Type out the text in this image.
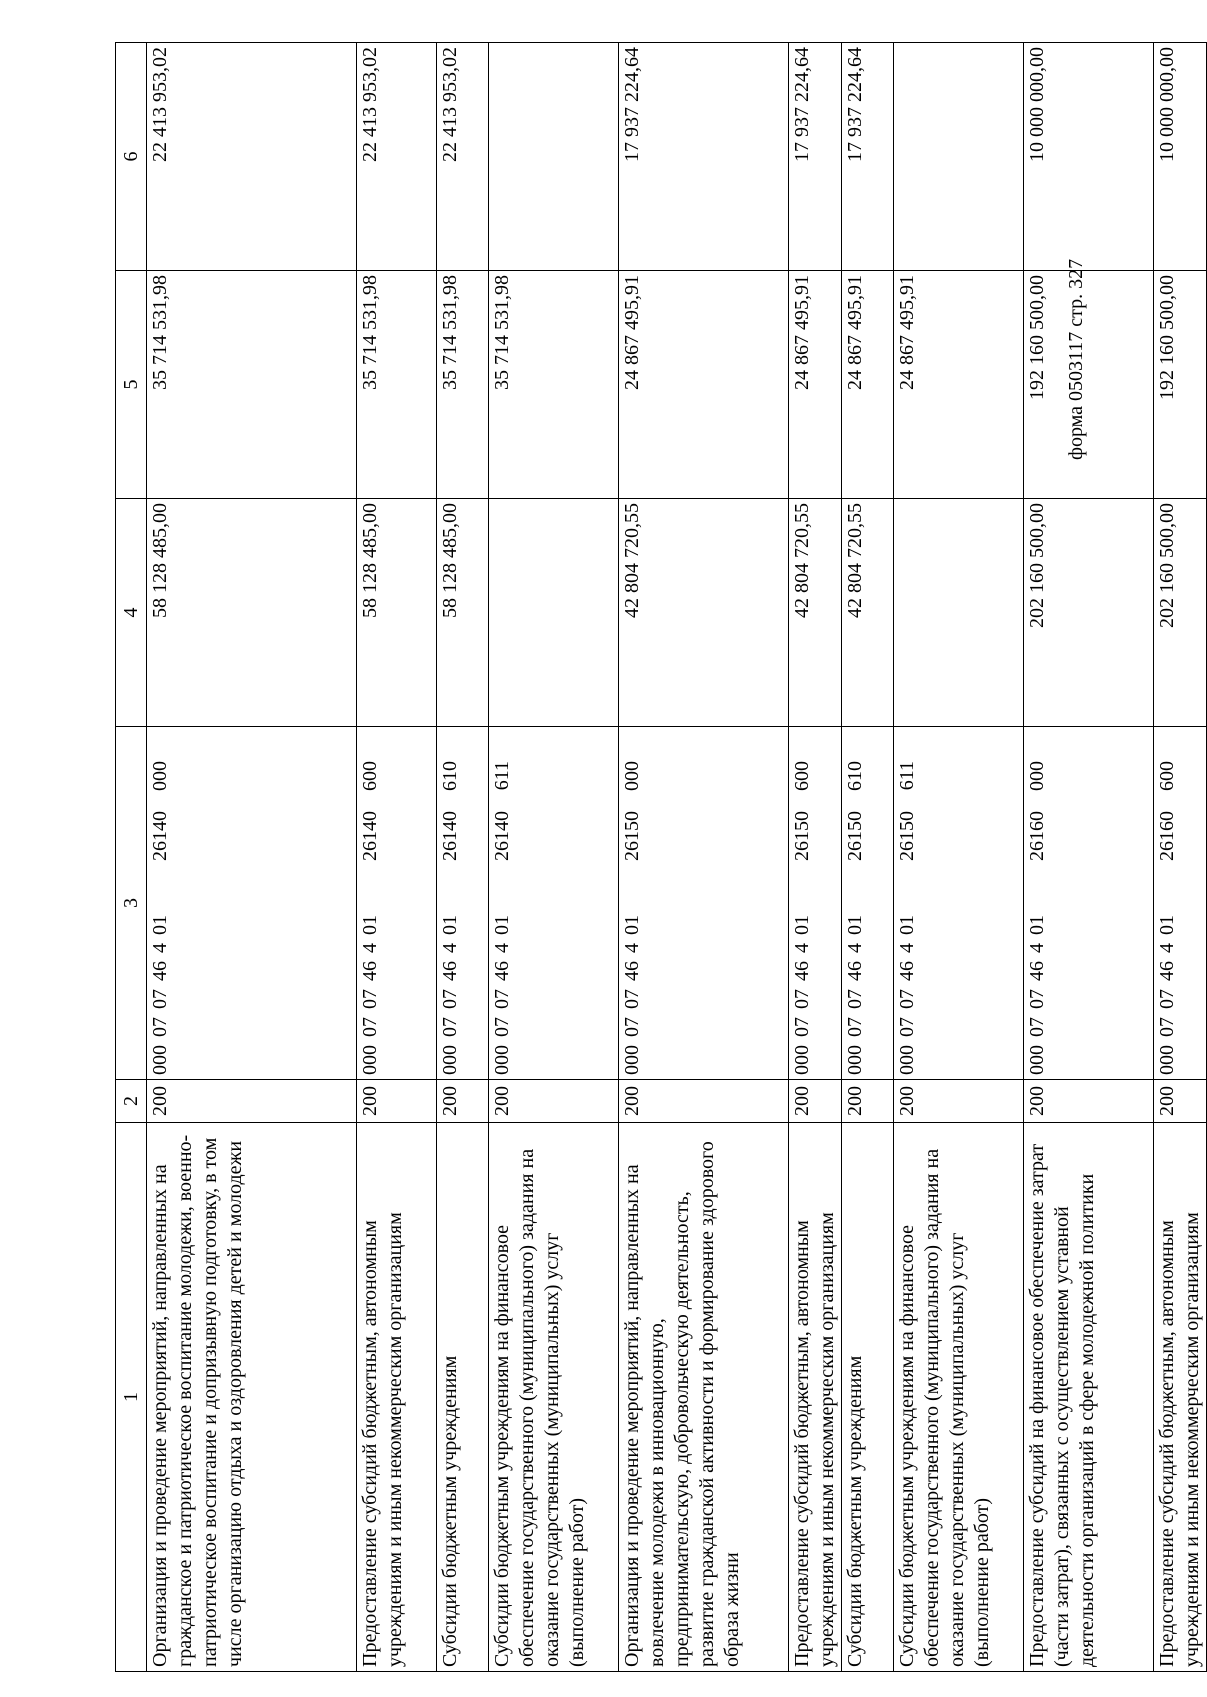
форма 0503117 стр. 327
1	2	3	4	5	6
Организация и проведение мероприятий, направленных на гражданское и патриотическое воспитание молодежи, военно-патриотическое воспитание и допризывную подготовку, в том числе организацию отдыха и оздоровления детей и молодежи	200	00007074640126140000	58 128 485,00	35 714 531,98	22 413 953,02
Предоставление субсидий бюджетным, автономным учреждениям и иным некоммерческим организациям	200	00007074640126140600	58 128 485,00	35 714 531,98	22 413 953,02
Субсидии бюджетным учреждениям	200	00007074640126140610	58 128 485,00	35 714 531,98	22 413 953,02
Субсидии бюджетным учреждениям на финансовое обеспечение государственного (муниципального) задания на оказание государственных (муниципальных) услуг (выполнение работ)	200	00007074640126140611		35 714 531,98	
Организация и проведение мероприятий, направленных на вовлечение молодежи в инновационную, предпринимательскую, добровольческую деятельность, развитие гражданской активности и формирование здорового образа жизни	200	00007074640126150000	42 804 720,55	24 867 495,91	17 937 224,64
Предоставление субсидий бюджетным, автономным учреждениям и иным некоммерческим организациям	200	00007074640126150600	42 804 720,55	24 867 495,91	17 937 224,64
Субсидии бюджетным учреждениям	200	00007074640126150610	42 804 720,55	24 867 495,91	17 937 224,64
Субсидии бюджетным учреждениям на финансовое обеспечение государственного (муниципального) задания на оказание государственных (муниципальных) услуг (выполнение работ)	200	00007074640126150611		24 867 495,91	
Предоставление субсидий на финансовое обеспечение затрат (части затрат), связанных с осуществлением уставной деятельности организаций в сфере молодежной политики	200	00007074640126160000	202 160 500,00	192 160 500,00	10 000 000,00
Предоставление субсидий бюджетным, автономным учреждениям и иным некоммерческим организациям	200	00007074640126160600	202 160 500,00	192 160 500,00	10 000 000,00
